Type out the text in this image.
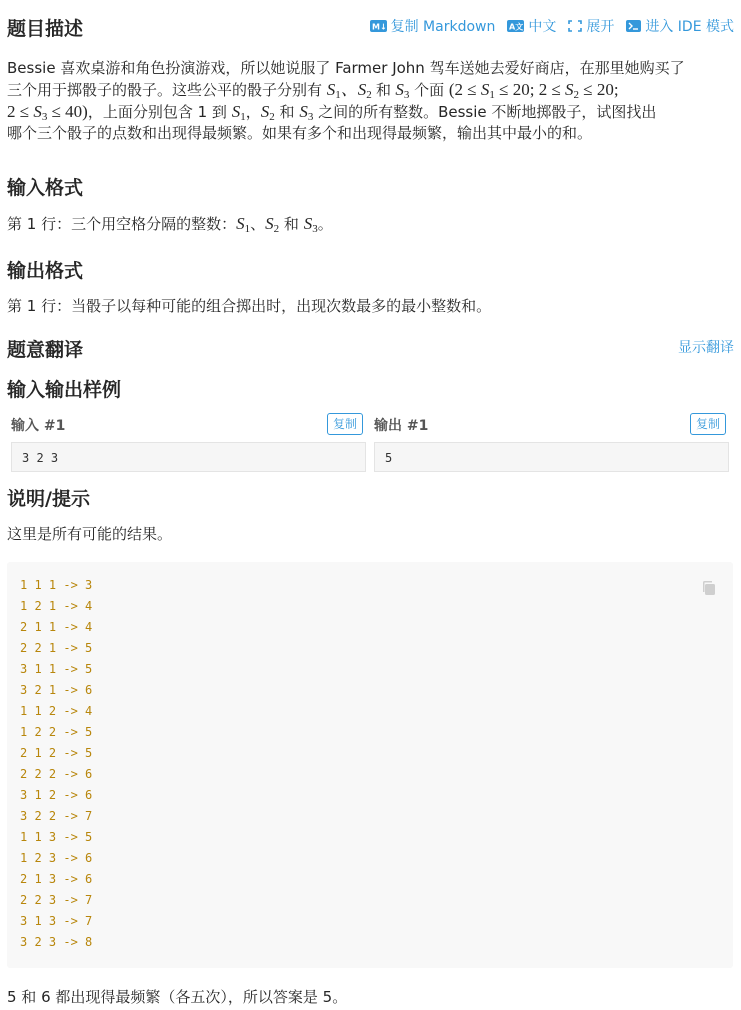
题目描述	M↓ 复制 Markdown A文 中文 展开 进入 IDE 模式
Bessie 喜欢桌游和角色扮演游戏，所以她说服了 Farmer John 驾车送她去爱好商店，在那里她购买了
三个用于掷骰子的骰子。这些公平的骰子分别有 $S_1$、$S_2$ 和 $S_3$ 个面 ($2 \le S_1 \le 20$; $2 \le S_2 \le 20$;
$2 \le S_3 \le 40$)，上面分别包含 1 到 $S_1$，$S_2$ 和 $S_3$ 之间的所有整数。Bessie 不断地掷骰子，试图找出
哪个三个骰子的点数和出现得最频繁。如果有多个和出现得最频繁，输出其中最小的和。
输入格式
第 1 行：三个用空格分隔的整数：$S_1$、$S_2$ 和 $S_3$。
输出格式
第 1 行：当骰子以每种可能的组合掷出时，出现次数最多的最小整数和。
题意翻译	显示翻译
输入输出样例
输入 #1	复制
3 2 3
输出 #1	复制
5
说明/提示
这里是所有可能的结果。
1 1 1 -> 3
1 2 1 -> 4
2 1 1 -> 4
2 2 1 -> 5
3 1 1 -> 5
3 2 1 -> 6
1 1 2 -> 4
1 2 2 -> 5
2 1 2 -> 5
2 2 2 -> 6
3 1 2 -> 6
3 2 2 -> 7
1 1 3 -> 5
1 2 3 -> 6
2 1 3 -> 6
2 2 3 -> 7
3 1 3 -> 7
3 2 3 -> 8
5 和 6 都出现得最频繁（各五次），所以答案是 5。
